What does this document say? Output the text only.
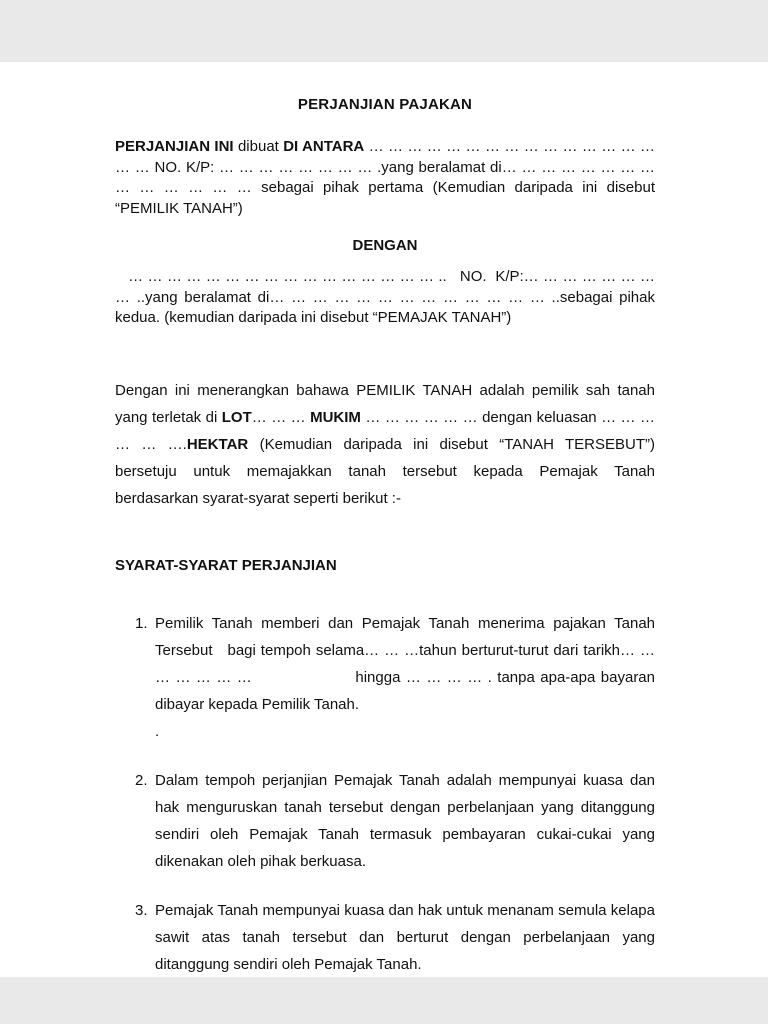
PERJANJIAN PAJAKAN

PERJANJIAN INI dibuat DI ANTARA … … … … … … … … … … … … … … … … … NO. K/P: … … … … … … … … .yang beralamat di… … … … … … … … … … … … … … sebagai pihak pertama (Kemudian daripada ini disebut “PEMILIK TANAH”)

DENGAN

… … … … … … … … … … … … … … … … ..   NO.  K/P:… … … … … … … … ..yang beralamat di… … … … … … … … … … … … … ..sebagai pihak kedua. (kemudian daripada ini disebut “PEMAJAK TANAH”)

Dengan ini menerangkan bahawa PEMILIK TANAH adalah pemilik sah tanah yang terletak di LOT… … … MUKIM … … … … … … dengan keluasan … … … … … ….HEKTAR (Kemudian daripada ini disebut “TANAH TERSEBUT”) bersetuju untuk memajakkan tanah tersebut kepada Pemajak Tanah berdasarkan syarat-syarat seperti berikut :-

SYARAT-SYARAT PERJANJIAN
1. Pemilik Tanah memberi dan Pemajak Tanah menerima pajakan Tanah Tersebut   bagi tempoh selama… … …tahun berturut-turut dari tarikh… … … … … … …                   hingga … … … … . tanpa apa-apa bayaran dibayar kepada Pemilik Tanah.
.
2. Dalam tempoh perjanjian Pemajak Tanah adalah mempunyai kuasa dan hak menguruskan tanah tersebut dengan perbelanjaan yang ditanggung sendiri oleh Pemajak Tanah termasuk pembayaran cukai-cukai yang dikenakan oleh pihak berkuasa.
3. Pemajak Tanah mempunyai kuasa dan hak untuk menanam semula kelapa sawit atas tanah tersebut dan berturut dengan perbelanjaan yang ditanggung sendiri oleh Pemajak Tanah.
